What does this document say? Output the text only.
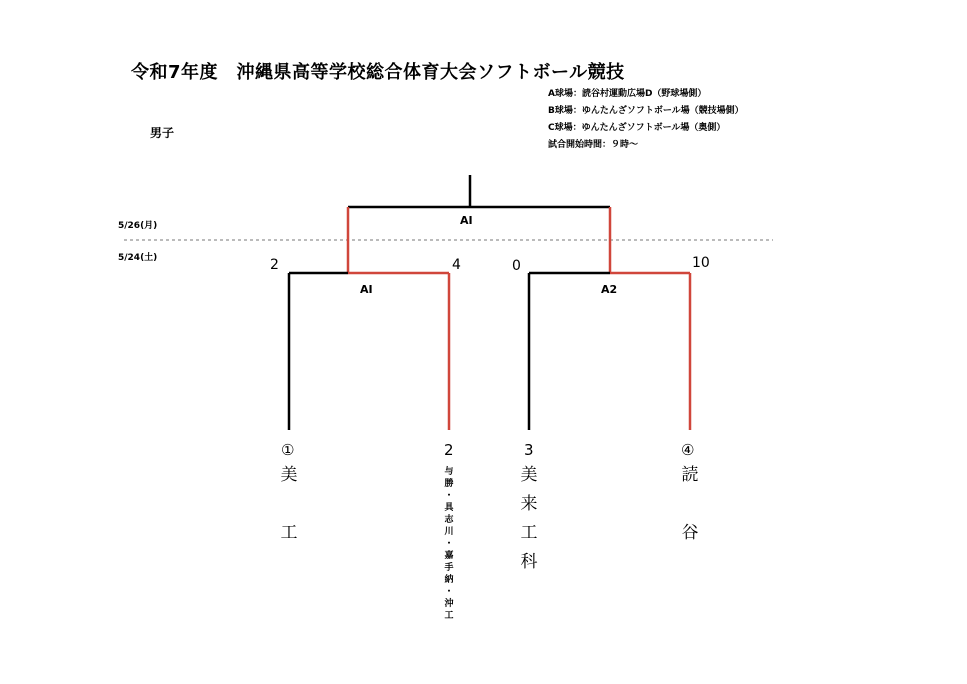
令和7年度　沖縄県高等学校総合体育大会ソフトボール競技
A球場：読谷村運動広場D（野球場側）
B球場：ゆんたんざソフトボール場（競技場側）
C球場：ゆんたんざソフトボール場（奥側）
試合開始時間：９時～
男子
5/26(月)
5/24(土)
AⅠ
AⅠ	A2
2	4	0	10
①
美

工
2
与
勝
・
具
志
川
・
嘉
手
納
・
沖
工
3
美
来
工
科
④
読

谷
